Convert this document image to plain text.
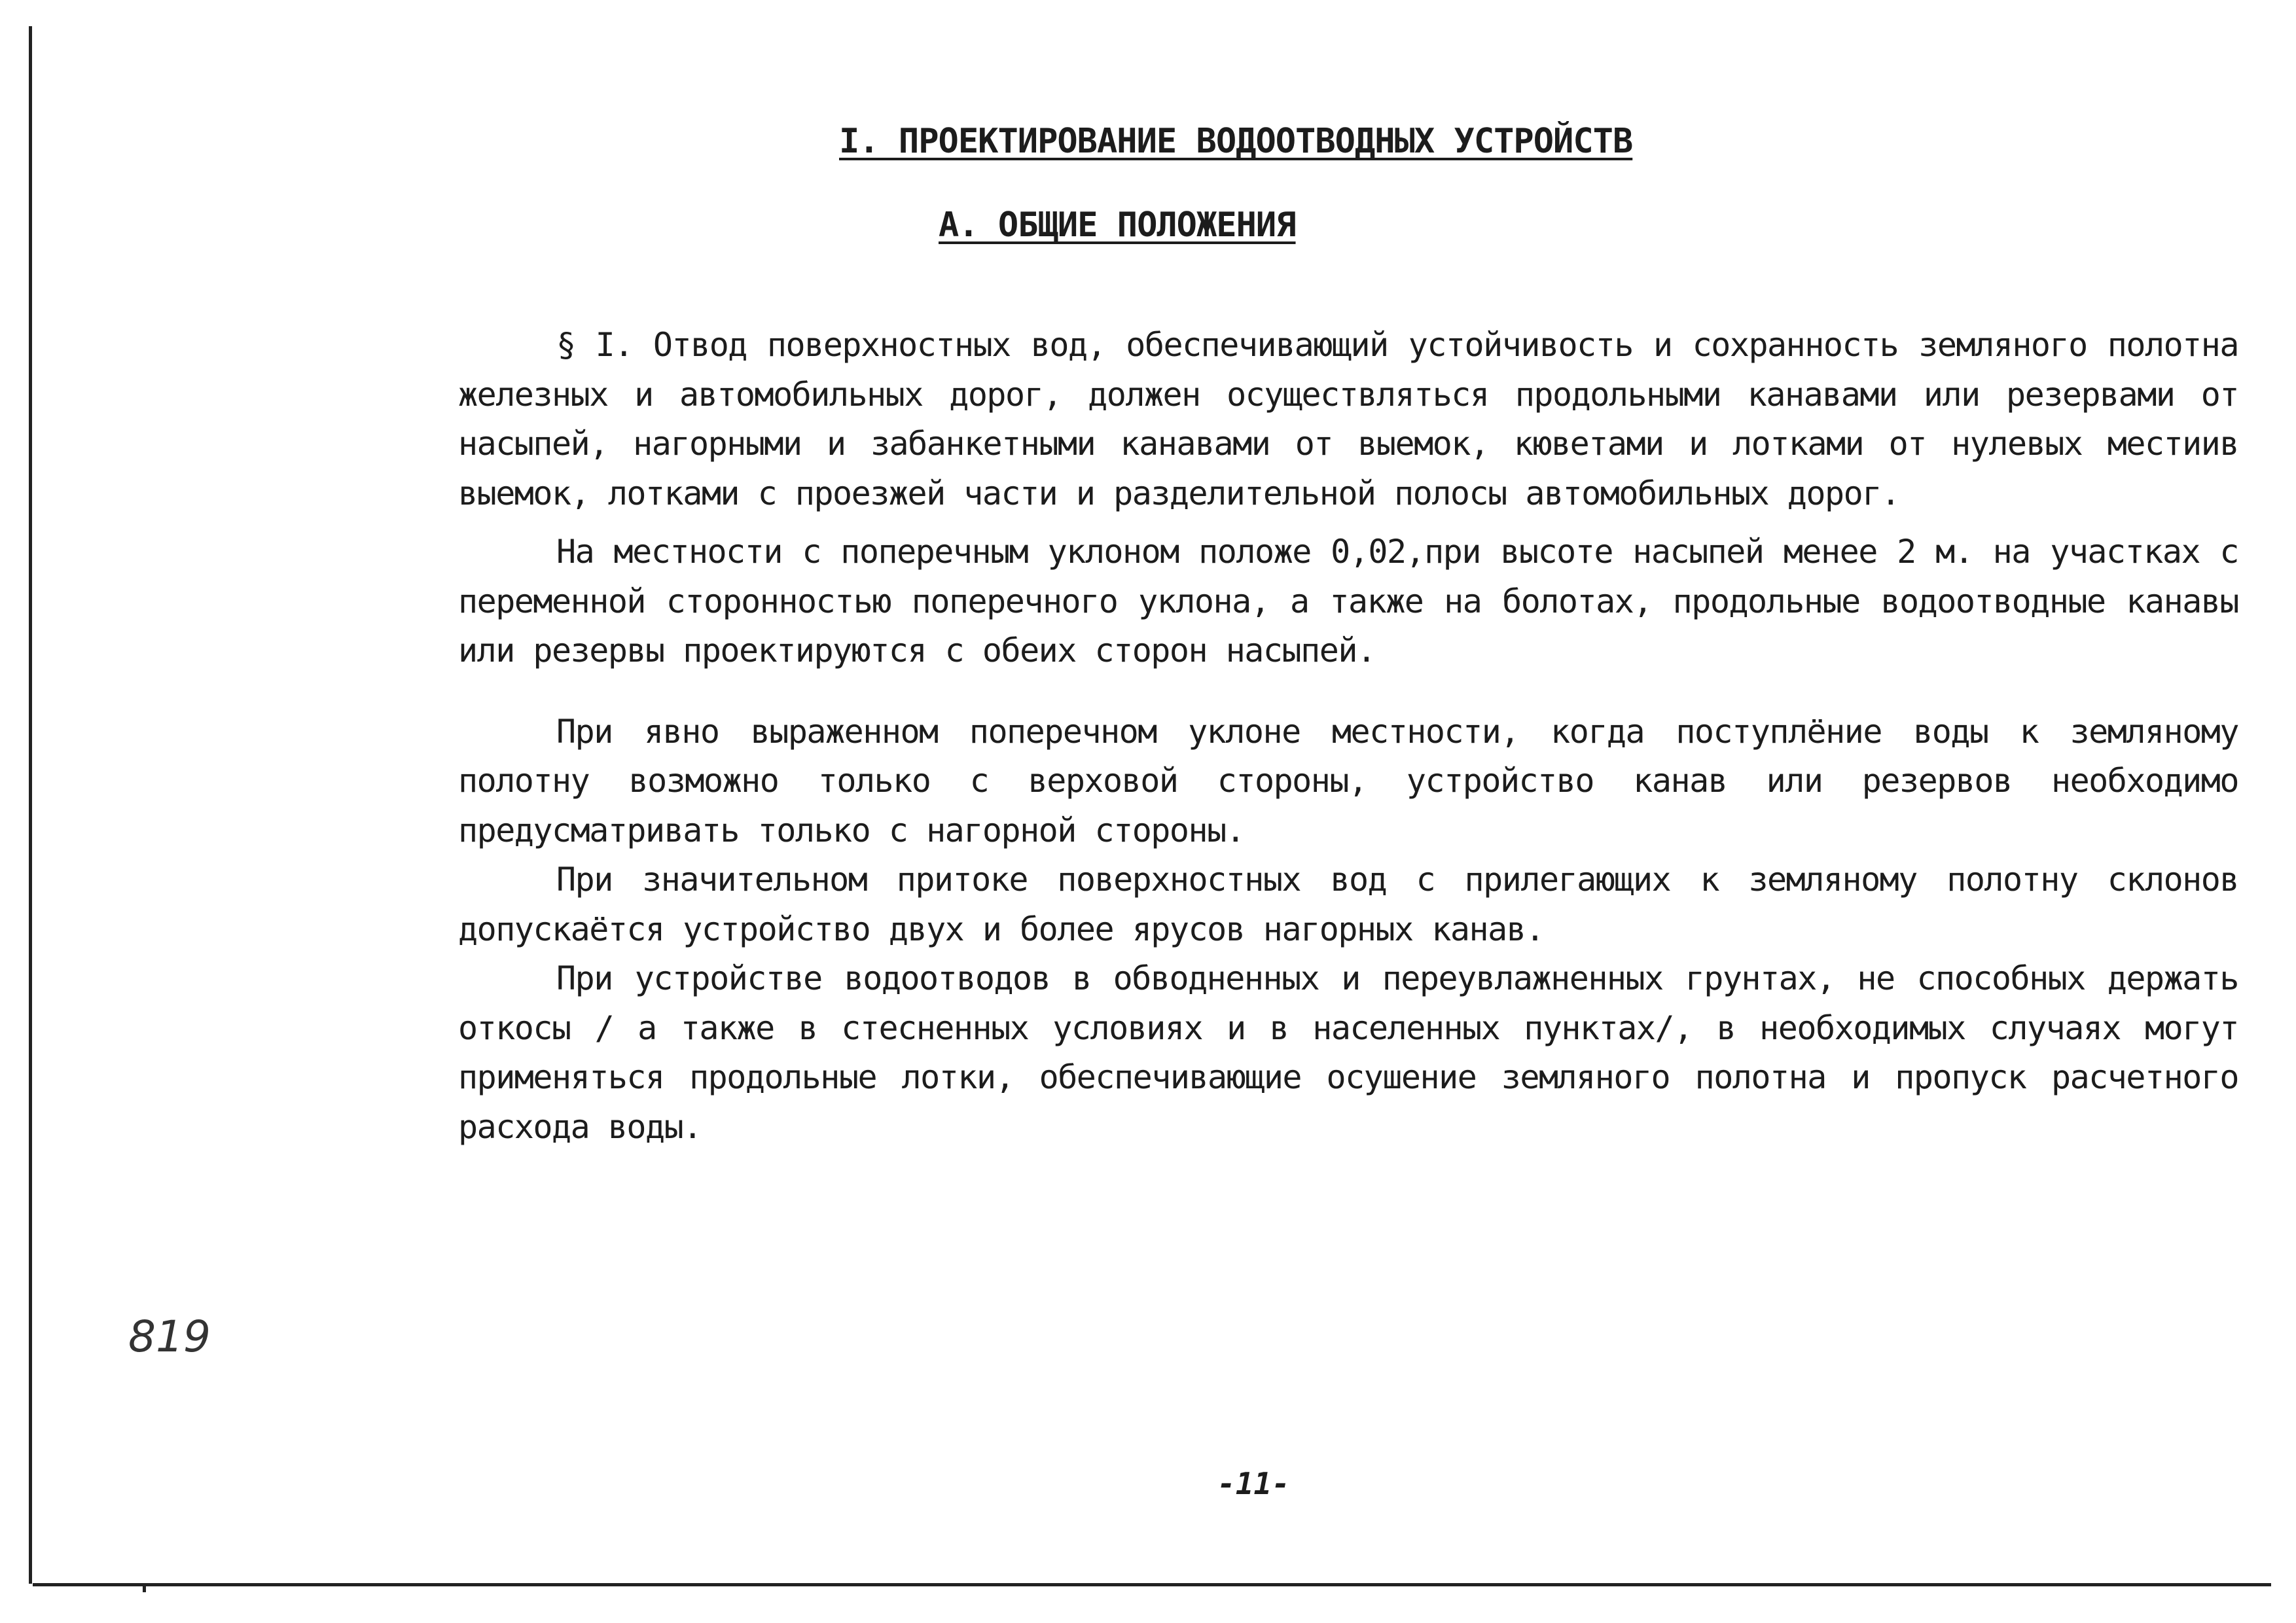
I. ПРОЕКТИРОВАНИЕ ВОДООТВОДНЫХ УСТРОЙСТВ
А. ОБЩИЕ ПОЛОЖЕНИЯ

§ I. Отвод поверхностных вод, обеспечивающий устойчивость и сохранность земляного полотна железных и автомобильных дорог, должен осуществляться продольными канавами или резервами от насыпей, нагорными и забанкетными канавами от выемок, кюветами и лотками от нулевых местиив выемок, лотками с проезжей части и разделительной полосы автомобильных дорог.

На местности с поперечным уклоном положе 0,02,при высоте насыпей менее 2 м. на участках с переменной сторонностью поперечного уклона, а также на болотах, продольные водоотводные канавы или резервы проектируются с обеих сторон насыпей.

При явно выраженном поперечном уклоне местности, когда поступлёние воды к земляному полотну возможно только с верховой стороны, устройство канав или резервов необходимо предусматривать только с нагорной стороны.

При значительном притоке поверхностных вод с прилегающих к земляному полотну склонов допускаётся устройство двух и более ярусов нагорных канав.

При устройстве водоотводов в обводненных и переувлажненных грунтах, не способных держать откосы / а также в стесненных условиях и в населенных пунктах/, в необходимых случаях могут применяться продольные лотки, обеспечивающие осушение земляного полотна и пропуск расчетного расхода воды.

819
-11-
